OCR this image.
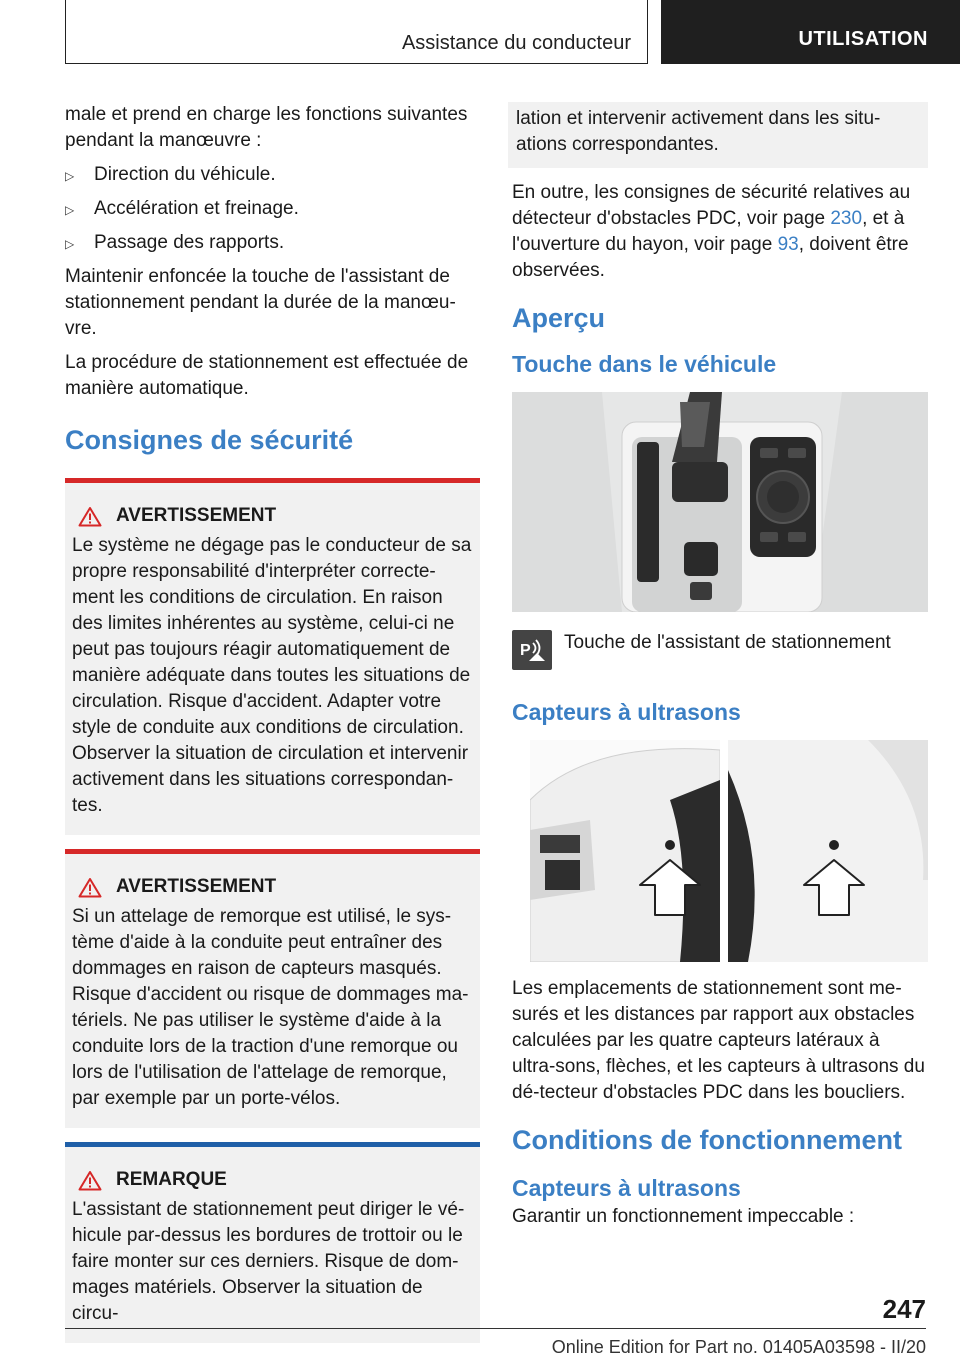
Assistance du conducteur	UTILISATION

male et prend en charge les fonctions suivantes pendant la manœuvre :

▷ Direction du véhicule.
▷ Accélération et freinage.
▷ Passage des rapports.

Maintenir enfoncée la touche de l'assistant de stationnement pendant la durée de la manœu-vre.

La procédure de stationnement est effectuée de manière automatique.

Consignes de sécurité
AVERTISSEMENT
Le système ne dégage pas le conducteur de sa propre responsabilité d'interpréter correcte-ment les conditions de circulation. En raison des limites inhérentes au système, celui-ci ne peut pas toujours réagir automatiquement de manière adéquate dans toutes les situations de circulation. Risque d'accident. Adapter votre style de conduite aux conditions de circulation. Observer la situation de circulation et intervenir activement dans les situations correspondan-tes.
AVERTISSEMENT
Si un attelage de remorque est utilisé, le sys-tème d'aide à la conduite peut entraîner des dommages en raison de capteurs masqués. Risque d'accident ou risque de dommages ma-tériels. Ne pas utiliser le système d'aide à la conduite lors de la traction d'une remorque ou lors de l'utilisation de l'attelage de remorque, par exemple par un porte-vélos.
REMARQUE
L'assistant de stationnement peut diriger le vé-hicule par-dessus les bordures de trottoir ou le faire monter sur ces derniers. Risque de dom-mages matériels. Observer la situation de circu-
lation et intervenir activement dans les situ-ations correspondantes.

En outre, les consignes de sécurité relatives au détecteur d'obstacles PDC, voir page 230, et à l'ouverture du hayon, voir page 93, doivent être observées.

Aperçu
Touche dans le véhicule
P Touche de l'assistant de stationnement
Capteurs à ultrasons

Les emplacements de stationnement sont me-surés et les distances par rapport aux obstacles calculées par les quatre capteurs latéraux à ultra-sons, flèches, et les capteurs à ultrasons du dé-tecteur d'obstacles PDC dans les boucliers.

Conditions de fonctionnement
Capteurs à ultrasons

Garantir un fonctionnement impeccable :

247
Online Edition for Part no. 01405A03598 - II/20
